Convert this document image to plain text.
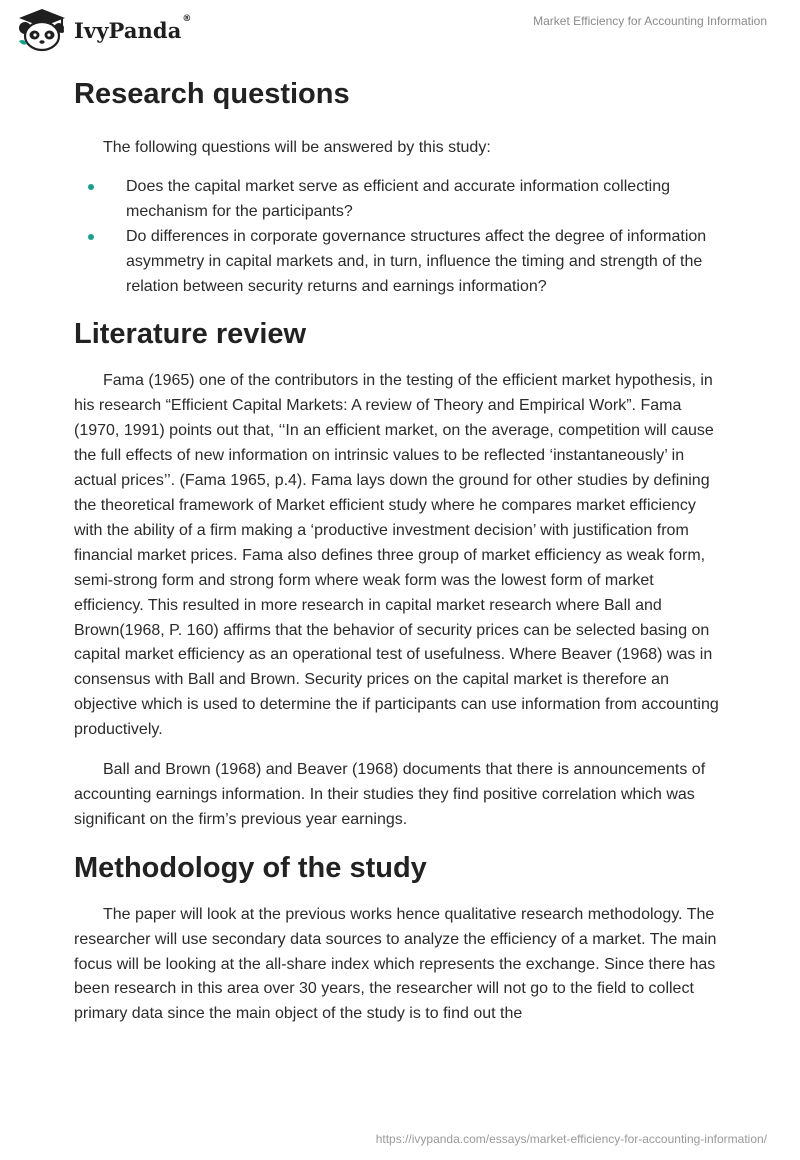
IvyPanda®	Market Efficiency for Accounting Information
Research questions

The following questions will be answered by this study:

Does the capital market serve as efficient and accurate information collecting mechanism for the participants?
Do differences in corporate governance structures affect the degree of information asymmetry in capital markets and, in turn, influence the timing and strength of the relation between security returns and earnings information?
Literature review

Fama (1965) one of the contributors in the testing of the efficient market hypothesis, in his research “Efficient Capital Markets: A review of Theory and Empirical Work”. Fama (1970, 1991) points out that, ‘‘In an efficient market, on the average, competition will cause the full effects of new information on intrinsic values to be reflected ‘instantaneously’ in actual prices’’. (Fama 1965, p.4). Fama lays down the ground for other studies by defining the theoretical framework of Market efficient study where he compares market efficiency with the ability of a firm making a ‘productive investment decision’ with justification from financial market prices. Fama also defines three group of market efficiency as weak form, semi-strong form and strong form where weak form was the lowest form of market efficiency. This resulted in more research in capital market research where Ball and Brown(1968, P. 160) affirms that the behavior of security prices can be selected basing on capital market efficiency as an operational test of usefulness. Where Beaver (1968) was in consensus with Ball and Brown. Security prices on the capital market is therefore an objective which is used to determine the if participants can use information from accounting productively.

Ball and Brown (1968) and Beaver (1968) documents that there is announcements of accounting earnings information. In their studies they find positive correlation which was significant on the firm’s previous year earnings.

Methodology of the study

The paper will look at the previous works hence qualitative research methodology. The researcher will use secondary data sources to analyze the efficiency of a market. The main focus will be looking at the all-share index which represents the exchange. Since there has been research in this area over 30 years, the researcher will not go to the field to collect primary data since the main object of the study is to find out the

https://ivypanda.com/essays/market-efficiency-for-accounting-information/
